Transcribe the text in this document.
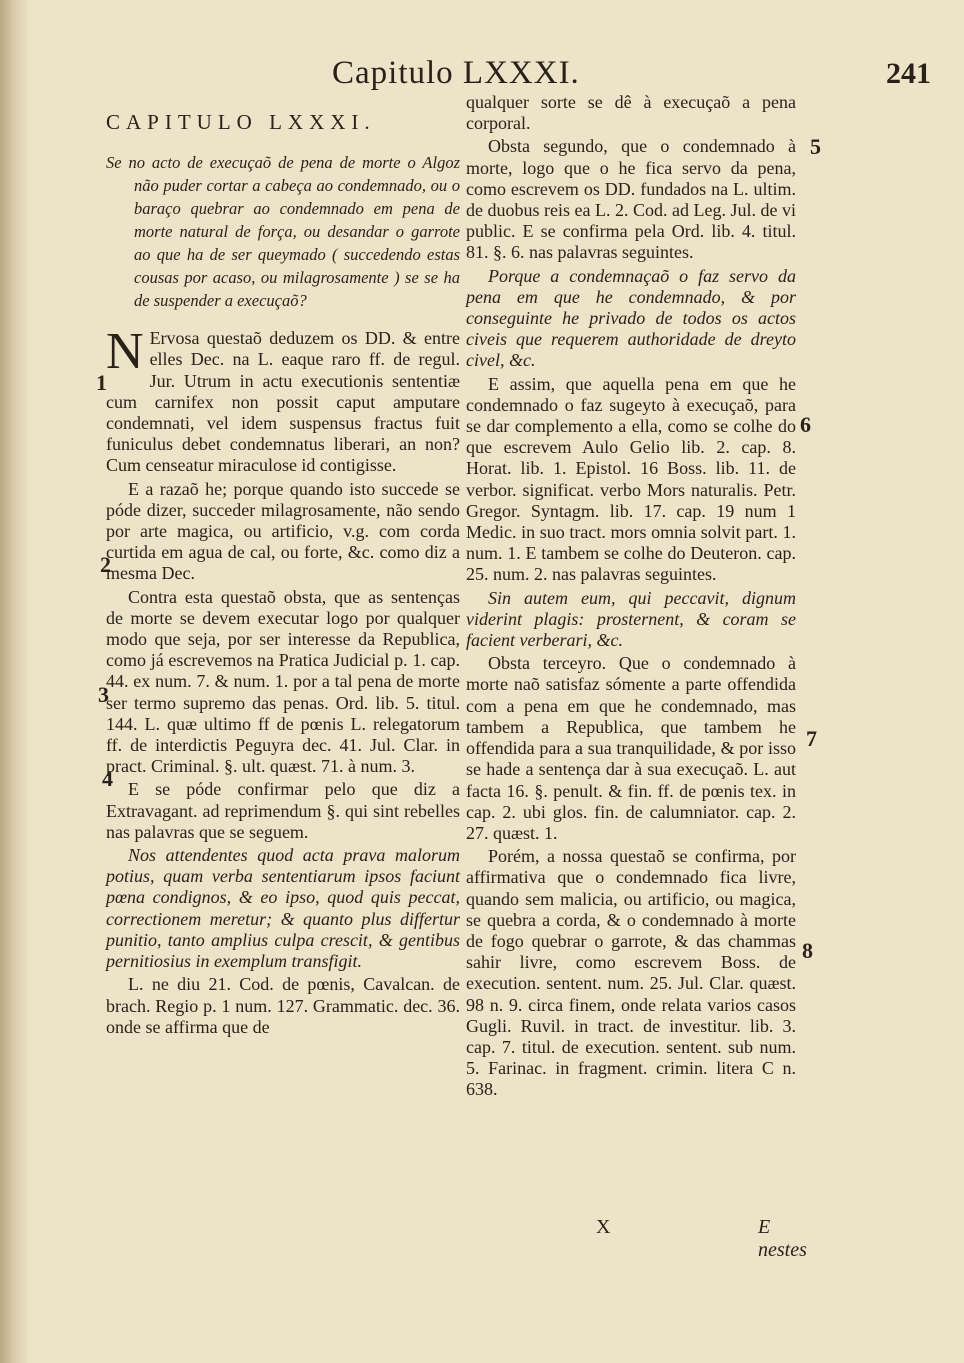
Capitulo LXXXI.	241

CAPITULO LXXXI.

Se no acto de execuçaõ de pena de morte o Algoz não puder cortar a cabeça ao condemnado, ou o baraço quebrar ao condemnado em pena de morte natural de força, ou desandar o garrote ao que ha de ser queymado ( succedendo estas cousas por acaso, ou milagrosamente ) se se ha de suspender a execuçaõ?

N Ervosa questaõ deduzem os DD. & entre elles Dec. na L. eaque raro ff. de regul. Jur. Utrum in actu executionis sententiæ cum carnifex non possit caput amputare condemnati, vel idem suspensus fractus fuit funiculus debet condemnatus liberari, an non? Cum censeatur miraculose id contigisse.

E a razaõ he; porque quando isto succede se póde dizer, succeder milagrosamente, não sendo por arte magica, ou artificio, v.g. com corda curtida em agua de cal, ou forte, &c. como diz a mesma Dec.

Contra esta questaõ obsta, que as sentenças de morte se devem executar logo por qualquer modo que seja, por ser interesse da Republica, como já escrevemos na Pratica Judicial p. 1. cap. 44. ex num. 7. & num. 1. por a tal pena de morte ser termo supremo das penas. Ord. lib. 5. titul. 144. L. quæ ultimo ff de pœnis L. relegatorum ff. de interdictis Peguyra dec. 41. Jul. Clar. in pract. Criminal. §. ult. quæst. 71. à num. 3.

E se póde confirmar pelo que diz a Extravagant. ad reprimendum §. qui sint rebelles nas palavras que se seguem.

Nos attendentes quod acta prava malorum potius, quam verba sententiarum ipsos faciunt pœna condignos, & eo ipso, quod quis peccat, correctionem meretur; & quanto plus differtur punitio, tanto amplius culpa crescit, & gentibus pernitiosius in exemplum transfigit.

L. ne diu 21. Cod. de pœnis, Cavalcan. de brach. Regio p. 1 num. 127. Grammatic. dec. 36. onde se affirma que de

qualquer sorte se dê à execuçaõ a pena corporal.

Obsta segundo, que o condemnado à morte, logo que o he fica servo da pena, como escrevem os DD. fundados na L. ultim. de duobus reis ea L. 2. Cod. ad Leg. Jul. de vi public. E se confirma pela Ord. lib. 4. titul. 81. §. 6. nas palavras seguintes.

Porque a condemnaçaõ o faz servo da pena em que he condemnado, & por conseguinte he privado de todos os actos civeis que requerem authoridade de dreyto civel, &c.

E assim, que aquella pena em que he condemnado o faz sugeyto à execuçaõ, para se dar complemento a ella, como se colhe do que escrevem Aulo Gelio lib. 2. cap. 8. Horat. lib. 1. Epistol. 16 Boss. lib. 11. de verbor. significat. verbo Mors naturalis. Petr. Gregor. Syntagm. lib. 17. cap. 19 num 1 Medic. in suo tract. mors omnia solvit part. 1. num. 1. E tambem se colhe do Deuteron. cap. 25. num. 2. nas palavras seguintes.

Sin autem eum, qui peccavit, dignum viderint plagis: prosternent, & coram se facient verberari, &c.

Obsta terceyro. Que o condemnado à morte naõ satisfaz sómente a parte offendida com a pena em que he condemnado, mas tambem a Republica, que tambem he offendida para a sua tranquilidade, & por isso se hade a sentença dar à sua execuçaõ. L. aut facta 16. §. penult. & fin. ff. de pœnis tex. in cap. 2. ubi glos. fin. de calumniator. cap. 2. 27. quæst. 1.

Porém, a nossa questaõ se confirma, por affirmativa que o condemnado fica livre, quando sem malicia, ou artificio, ou magica, se quebra a corda, & o condemnado à morte de fogo quebrar o garrote, & das chammas sahir livre, como escrevem Boss. de execution. sentent. num. 25. Jul. Clar. quæst. 98 n. 9. circa finem, onde relata varios casos Gugli. Ruvil. in tract. de investitur. lib. 3. cap. 7. titul. de execution. sentent. sub num. 5. Farinac. in fragment. crimin. litera C n. 638.

1
2
3
4
5
6
7
8
X	E nestes
